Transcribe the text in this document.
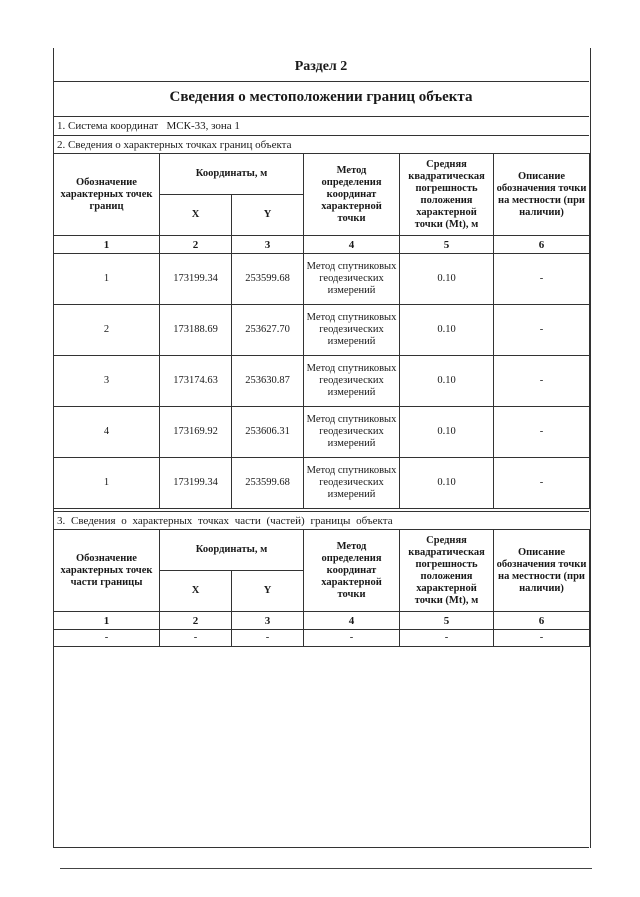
Раздел 2
Сведения о местоположении границ объекта
1. Система координат МСК-33, зона 1
2. Сведения о характерных точках границ объекта
Обозначение характерных точек границ	Координаты, м		Метод определения координат характерной точки	Средняя квадратическая погрешность положения характерной точки (Mt), м	Описание обозначения точки на местности (при наличии)
	X	Y			
1	2	3	4	5	6
1	173199.34	253599.68	Метод спутниковых геодезических измерений	0.10	-
2	173188.69	253627.70	Метод спутниковых геодезических измерений	0.10	-
3	173174.63	253630.87	Метод спутниковых геодезических измерений	0.10	-
4	173169.92	253606.31	Метод спутниковых геодезических измерений	0.10	-
1	173199.34	253599.68	Метод спутниковых геодезических измерений	0.10	-
3. Сведения о характерных точках части (частей) границы объекта
Обозначение характерных точек части границы	Координаты, м		Метод определения координат характерной точки	Средняя квадратическая погрешность положения характерной точки (Mt), м	Описание обозначения точки на местности (при наличии)
	X	Y			
1	2	3	4	5	6
-	-	-	-	-	-
